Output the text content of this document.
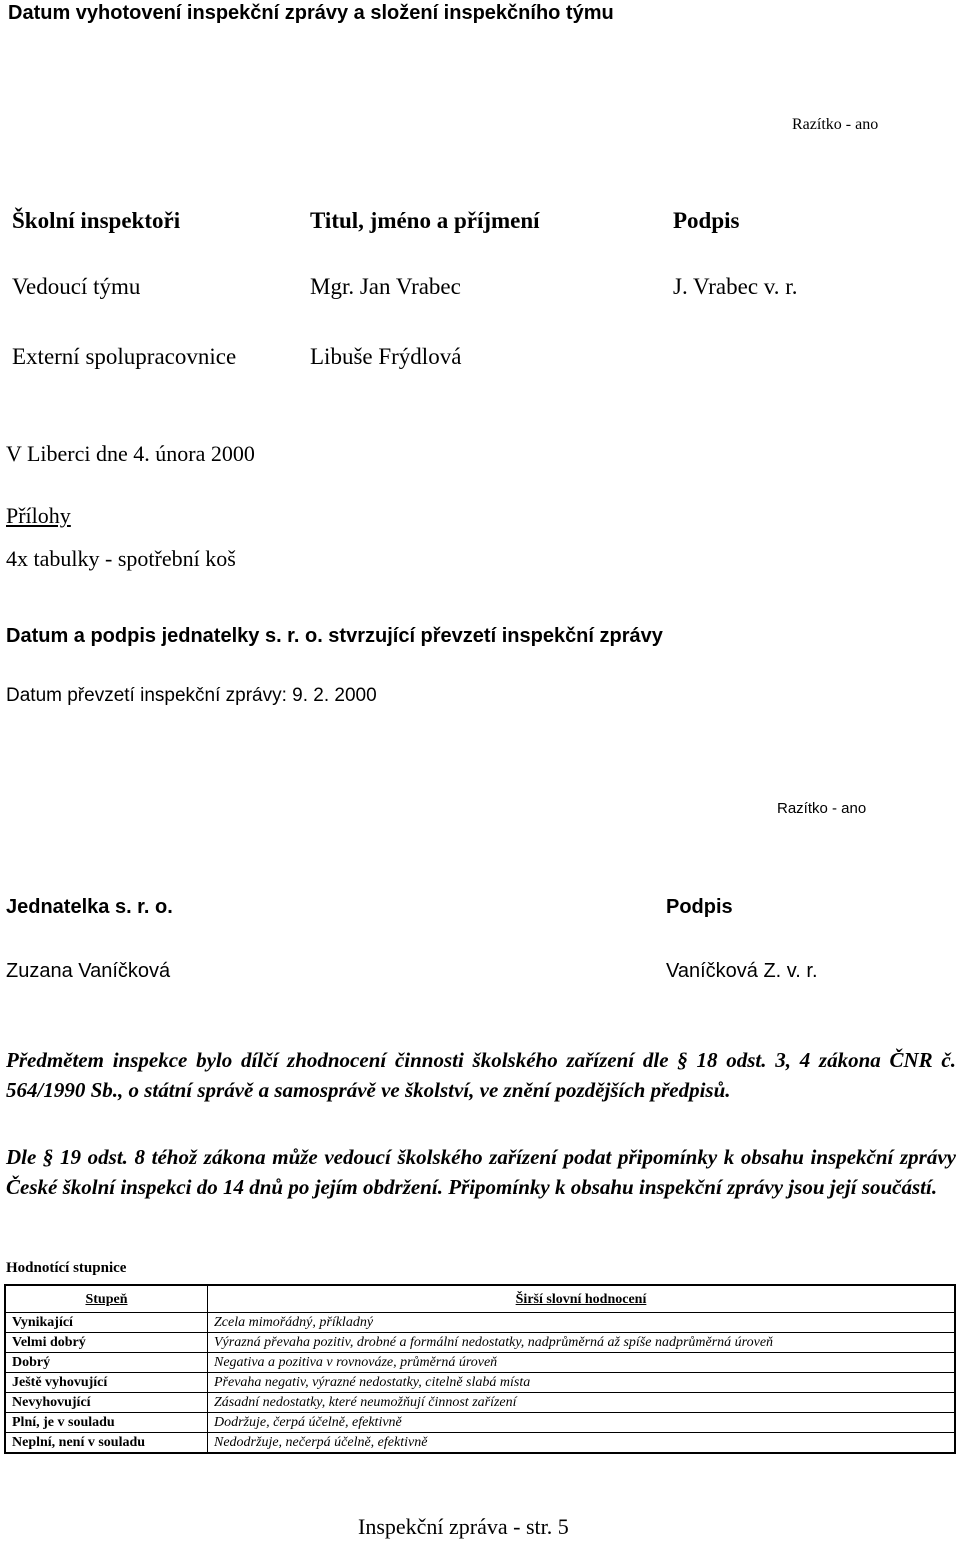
Datum vyhotovení inspekční zprávy a složení inspekčního týmu
Razítko - ano
Školní inspektoři	Titul, jméno a příjmení	Podpis
Vedoucí týmu	Mgr. Jan Vrabec	J. Vrabec v. r.
Externí spolupracovnice	Libuše Frýdlová
V Liberci dne 4. února 2000
Přílohy
4x tabulky - spotřební koš
Datum a podpis jednatelky s. r. o. stvrzující převzetí inspekční zprávy
Datum převzetí inspekční zprávy: 9. 2. 2000
Razítko - ano
Jednatelka s. r. o.	Podpis
Zuzana Vaníčková	Vaníčková Z. v. r.

Předmětem inspekce bylo dílčí zhodnocení činnosti školského zařízení dle § 18 odst. 3, 4 zákona ČNR č. 564/1990 Sb., o státní správě a samosprávě ve školství, ve znění pozdějších předpisů.

Dle § 19 odst. 8 téhož zákona může vedoucí školského zařízení podat připomínky k obsahu inspekční zprávy České školní inspekci do 14 dnů po jejím obdržení. Připomínky k obsahu inspekční zprávy jsou její součástí.

Hodnotící stupnice
Stupeň	Širší slovní hodnocení
Vynikající	Zcela mimořádný, příkladný
Velmi dobrý	Výrazná převaha pozitiv, drobné a formální nedostatky, nadprůměrná až spíše nadprůměrná úroveň
Dobrý	Negativa a pozitiva v rovnováze, průměrná úroveň
Ještě vyhovující	Převaha negativ, výrazné nedostatky, citelně slabá místa
Nevyhovující	Zásadní nedostatky, které neumožňují činnost zařízení
Plní, je v souladu	Dodržuje, čerpá účelně, efektivně
Neplní, není v souladu	Nedodržuje, nečerpá účelně, efektivně
Inspekční zpráva - str. 5
